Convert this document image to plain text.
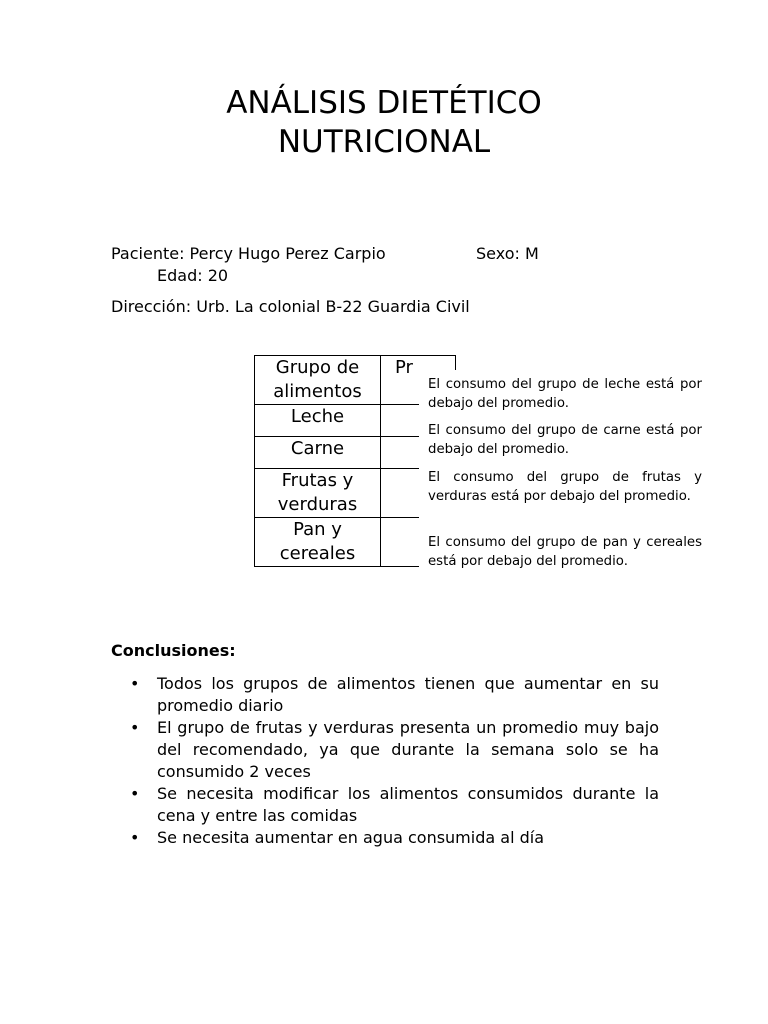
ANÁLISIS DIETÉTICO
NUTRICIONAL
Paciente: Percy Hugo Perez Carpio	Sexo: M
Edad: 20
Dirección: Urb. La colonial B-22 Guardia Civil
Grupo de alimentos	Pr
Leche	
Carne	
Frutas y verduras	
Pan y cereales	
El consumo del grupo de leche está por debajo del promedio.
El consumo del grupo de carne está por debajo del promedio.
El consumo del grupo de frutas y verduras está por debajo del promedio.
El consumo del grupo de pan y cereales está por debajo del promedio.
Conclusiones:
• Todos los grupos de alimentos tienen que aumentar en su promedio diario
• El grupo de frutas y verduras presenta un promedio muy bajo del recomendado, ya que durante la semana solo se ha consumido 2 veces
• Se necesita modificar los alimentos consumidos durante la cena y entre las comidas
• Se necesita aumentar en agua consumida al día
